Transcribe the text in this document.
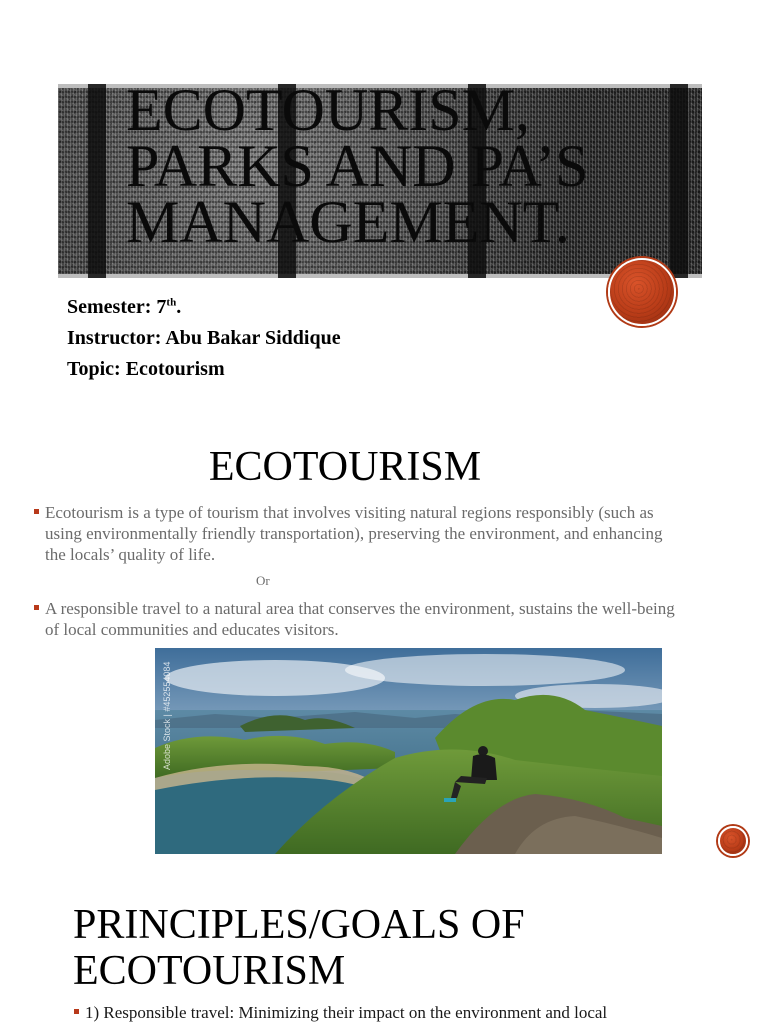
ECOTOURISM,
PARKS AND PA’S
MANAGEMENT.

Semester: 7th.

Instructor: Abu Bakar Siddique

Topic: Ecotourism

ECOTOURISM
Ecotourism is a type of tourism that involves visiting natural regions responsibly (such as using environmentally friendly transportation), preserving the environment, and enhancing the locals’ quality of life.
Or
A responsible travel to a natural area that conserves the environment, sustains the well-being of local communities and educates visitors.
Adobe Stock | #452554084
PRINCIPLES/GOALS OF
ECOTOURISM
1) Responsible travel: Minimizing their impact on the environment and local
